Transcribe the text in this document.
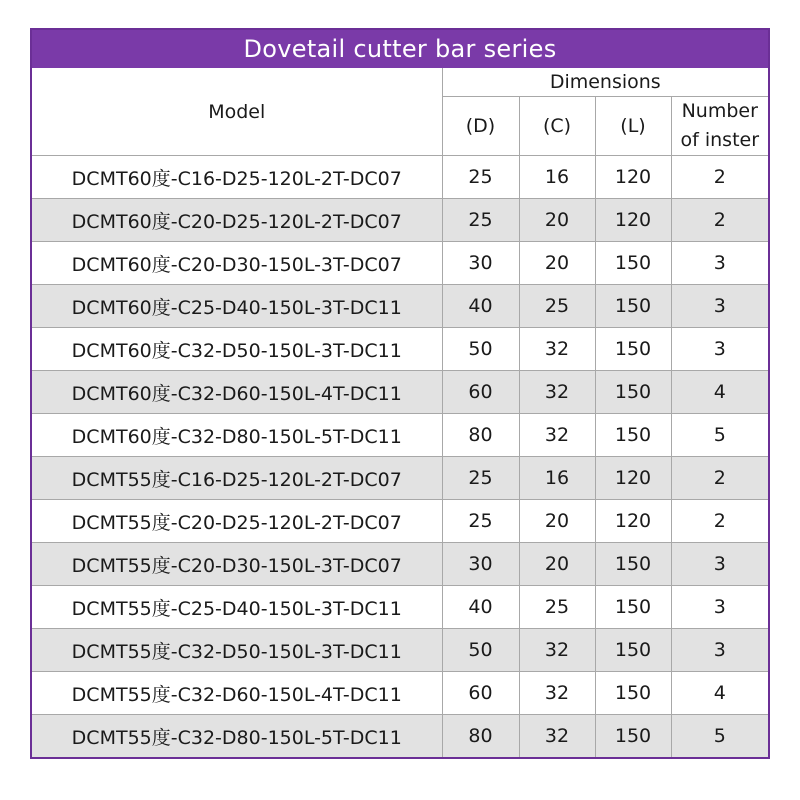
Dovetail cutter bar series
Model	Dimensions			
	(D)	(C)	(L)	Number
of inster
DCMT60度-C16-D25-120L-2T-DC07	25	16	120	2
DCMT60度-C20-D25-120L-2T-DC07	25	20	120	2
DCMT60度-C20-D30-150L-3T-DC07	30	20	150	3
DCMT60度-C25-D40-150L-3T-DC11	40	25	150	3
DCMT60度-C32-D50-150L-3T-DC11	50	32	150	3
DCMT60度-C32-D60-150L-4T-DC11	60	32	150	4
DCMT60度-C32-D80-150L-5T-DC11	80	32	150	5
DCMT55度-C16-D25-120L-2T-DC07	25	16	120	2
DCMT55度-C20-D25-120L-2T-DC07	25	20	120	2
DCMT55度-C20-D30-150L-3T-DC07	30	20	150	3
DCMT55度-C25-D40-150L-3T-DC11	40	25	150	3
DCMT55度-C32-D50-150L-3T-DC11	50	32	150	3
DCMT55度-C32-D60-150L-4T-DC11	60	32	150	4
DCMT55度-C32-D80-150L-5T-DC11	80	32	150	5
